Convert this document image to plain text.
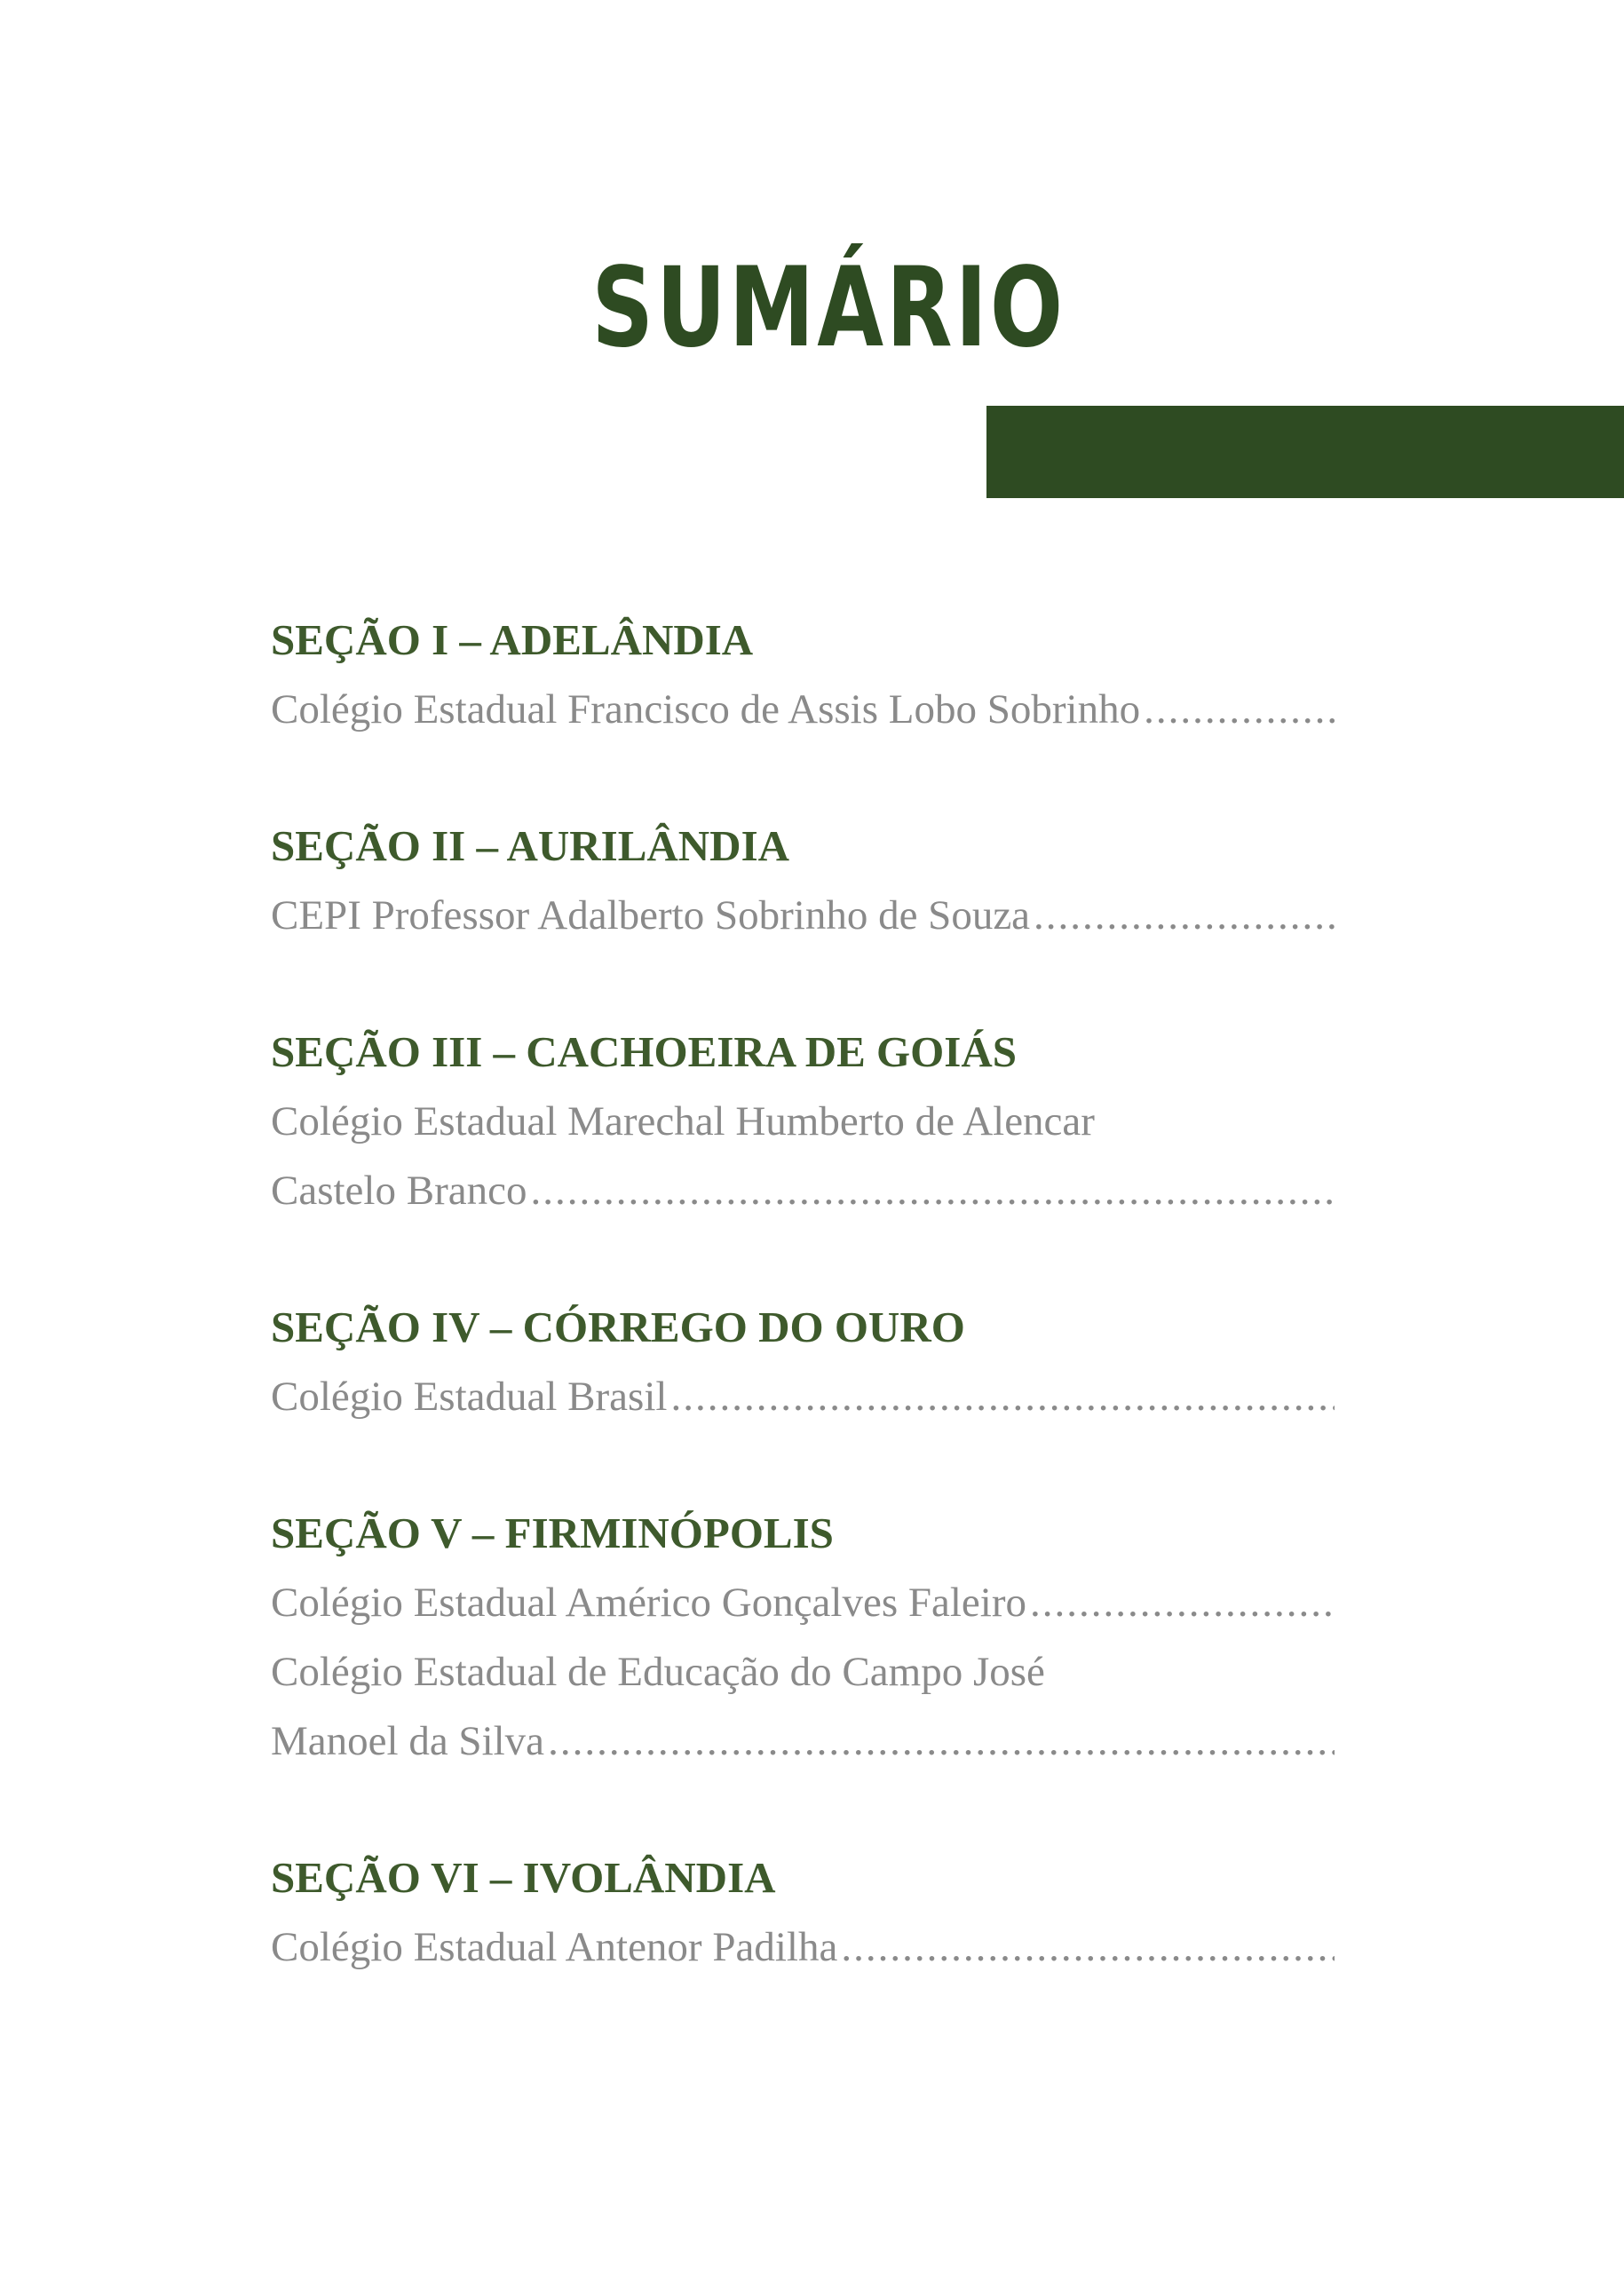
SUMÁRIO
SEÇÃO I – ADELÂNDIA
Colégio Estadual Francisco de Assis Lobo Sobrinho
.....
SEÇÃO II – AURILÂNDIA
CEPI Professor Adalberto Sobrinho de Souza
.....
SEÇÃO III – CACHOEIRA DE GOIÁS
Colégio Estadual Marechal Humberto de Alencar
Castelo Branco
.....
SEÇÃO IV – CÓRREGO DO OURO
Colégio Estadual Brasil
.....
SEÇÃO V – FIRMINÓPOLIS
Colégio Estadual Américo Gonçalves Faleiro
.....
Colégio Estadual de Educação do Campo José
Manoel da Silva
.....
SEÇÃO VI – IVOLÂNDIA
Colégio Estadual Antenor Padilha
.....
